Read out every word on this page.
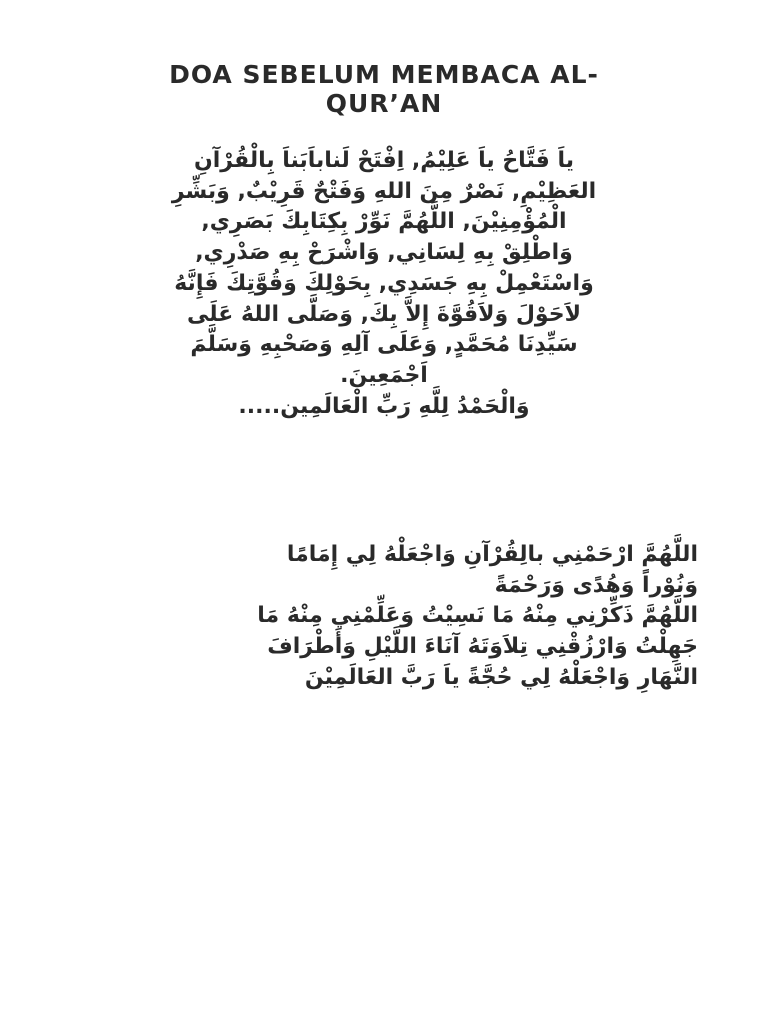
DOA SEBELUM MEMBACA AL-
QUR’AN
ياَ فَتَّاحُ ياَ عَلِيْمُ, اِفْتَحْ لَناباَبَناَ بِالْقُرْآنِ
العَظِيْمِ, نَصْرٌ مِنَ اللهِ وَفَتْحٌ قَرِيْبٌ, وَبَشِّرِ
الْمُؤْمِنِيْنَ, اللَّهُمَّ نَوِّرْ بِكِتَابِكَ بَصَرِي,
وَاطْلِقْ بِهِ لِسَانِي, وَاشْرَحْ بِهِ صَدْرِي,
وَاسْتَعْمِلْ بِهِ جَسَدِي, بِحَوْلِكَ وَقُوَّتِكَ فَإِنَّهُ
لاَحَوْلَ وَلاَقُوَّةَ إِلاَّ بِكَ, وَصَلَّى اللهُ عَلَى
سَيِّدِنَا مُحَمَّدٍ, وَعَلَى آلِهِ وَصَحْبِهِ وَسَلَّمَ
اَجْمَعِينَ.
وَالْحَمْدُ لِلَّهِ رَبِّ الْعَالَمِين.....
اللَّهُمَّ ارْحَمْنِي بالِقُرْآنِ وَاجْعَلْهُ لِي إِمَامًا
وَنُوْراً وَهُدًى وَرَحْمَةً
اللَّهُمَّ ذَكِّرْنِي مِنْهُ مَا نَسِيْتُ وَعَلِّمْنِي مِنْهُ مَا
جَهِلْتُ وَارْزُقْنِي تِلاَوَتَهُ آنَاءَ اللَّيْلِ وَأَطْرَافَ
النَّهَارِ وَاجْعَلْهُ لِي حُجَّةً ياَ رَبَّ العَالَمِيْنَ
